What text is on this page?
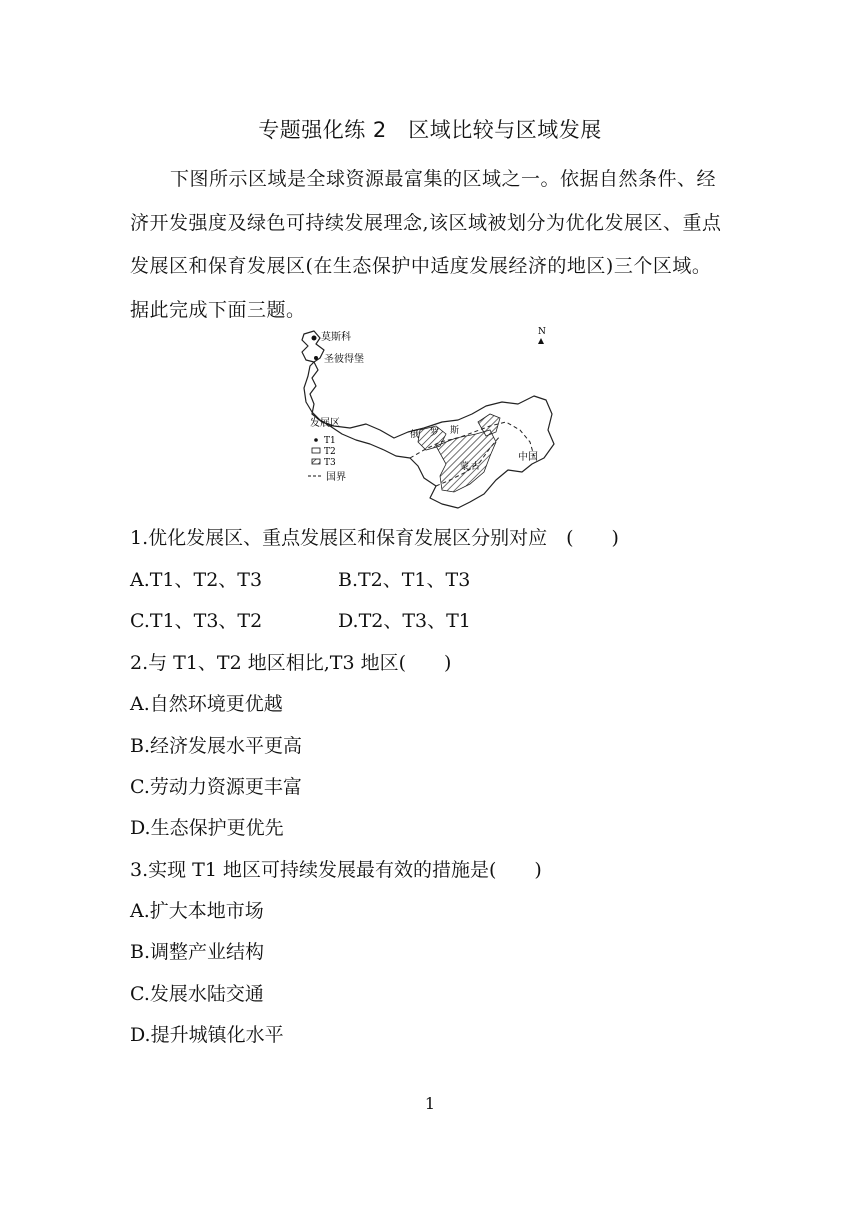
专题强化练 2　区域比较与区域发展
下图所示区域是全球资源最富集的区域之一。依据自然条件、经济开发强度及绿色可持续发展理念,该区域被划分为优化发展区、重点发展区和保育发展区(在生态保护中适度发展经济的地区)三个区域。据此完成下面三题。
N
莫斯科
圣彼得堡
俄 罗 斯
蒙 古
中国
发展区
T1
T2
T3
国界
1.优化发展区、重点发展区和保育发展区分别对应　(　　)
A.T1、T2、T3	B.T2、T1、T3
C.T1、T3、T2	D.T2、T3、T1
2.与 T1、T2 地区相比,T3 地区(　　)
A.自然环境更优越
B.经济发展水平更高
C.劳动力资源更丰富
D.生态保护更优先
3.实现 T1 地区可持续发展最有效的措施是(　　)
A.扩大本地市场
B.调整产业结构
C.发展水陆交通
D.提升城镇化水平
1
